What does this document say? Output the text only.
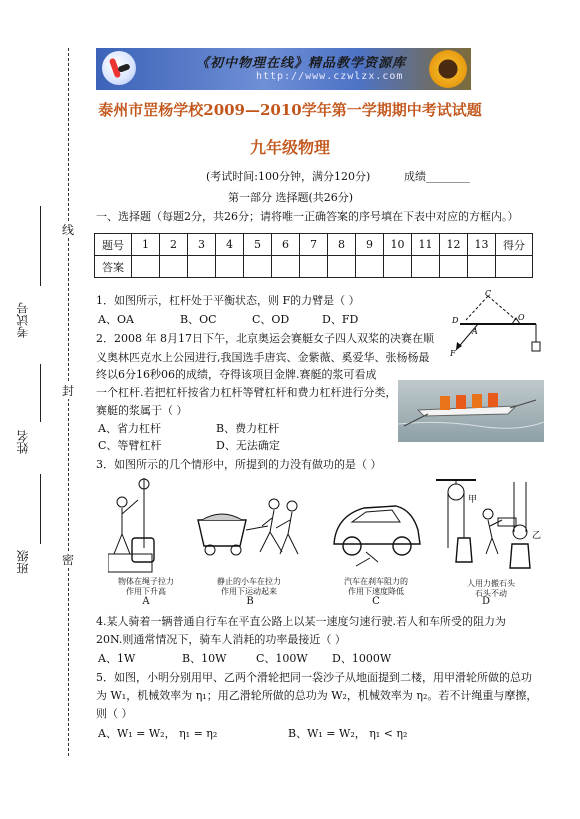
线
封
密
考试号
姓名
班级
《初中物理在线》精品教学资源库
http://www.czwlzx.com
泰州市罡杨学校2009—2010学年第一学期期中考试试题
九年级物理
(考试时间:100分钟，满分120分)	成绩________
第一部分 选择题(共26分)
一、选择题（每题2分，共26分；请将唯一正确答案的序号填在下表中对应的方框内。）
题号	1	2	3	4	5	6	7	8	9	10	11	12	13	得分
答案														
1．如图所示，杠杆处于平衡状态，则 F的力臂是（ ）
A、OA	B、OC	C、OD	D、FD
C
D
A
O
F
2．2008 年 8月17日下午，北京奥运会赛艇女子四人双桨的决赛在顺
义奥林匹克水上公园进行,我国选手唐宾、金紫薇、奚爱华、张杨杨最
终以6分16秒06的成绩，夺得该项目金牌.赛艇的浆可看成
一个杠杆.若把杠杆按省力杠杆等臂杠杆和费力杠杆进行分类，
赛艇的浆属于（ ）
A、省力杠杆	B、费力杠杆
C、等臂杠杆	D、无法确定
3．如图所示的几个情形中，所提到的力没有做功的是（ ）
物体在绳子拉力
作用下升高
A
静止的小车在拉力
作用下运动起来
B
汽车在刹车阻力的
作用下速度降低
C
甲
乙
人用力搬石头
石头不动
D
4.某人骑着一辆普通自行车在平直公路上以某一速度匀速行驶.若人和车所受的阻力为
20N.则通常情况下，骑车人消耗的功率最接近（ ）
A、1W	B、10W	C、100W D、1000W
5．如图，小明分别用甲、乙两个滑轮把同一袋沙子从地面提到二楼，用甲滑轮所做的总功
为 W₁，机械效率为 η₁；用乙滑轮所做的总功为 W₂，机械效率为 η₂。若不计绳重与摩擦，
则（ ）
A、W₁ = W₂， η₁ = η₂	B、W₁ = W₂， η₁ < η₂
